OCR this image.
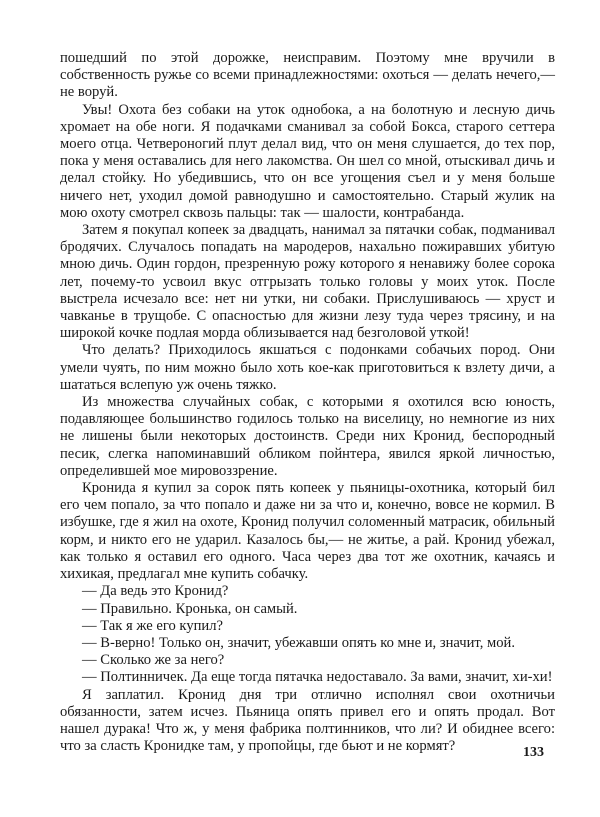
пошедший по этой дорожке, неисправим. Поэтому мне вручили в собственность ружье со всеми принадлежностями: охоться — делать нечего,— не воруй.

Увы! Охота без собаки на уток однобока, а на болотную и лесную дичь хромает на обе ноги. Я подачками сманивал за собой Бокса, старого сеттера моего отца. Четвероногий плут делал вид, что он меня слушается, до тех пор, пока у меня оставались для него лакомства. Он шел со мной, отыскивал дичь и делал стойку. Но убедившись, что он все угощения съел и у меня больше ничего нет, уходил домой равнодушно и самостоятельно. Старый жулик на мою охоту смотрел сквозь пальцы: так — шалости, контрабанда.

Затем я покупал копеек за двадцать, нанимал за пятачки собак, подманивал бродячих. Случалось попадать на мародеров, нахально пожиравших убитую мною дичь. Один гордон, презренную рожу которого я ненавижу более сорока лет, почему-то усвоил вкус отгрызать только головы у моих уток. После выстрела исчезало все: нет ни утки, ни собаки. Прислушиваюсь — хруст и чавканье в трущобе. С опасностью для жизни лезу туда через трясину, и на широкой кочке подлая морда облизывается над безголовой уткой!

Что делать? Приходилось якшаться с подонками собачьих пород. Они умели чуять, по ним можно было хоть кое-как приготовиться к взлету дичи, а шататься вслепую уж очень тяжко.

Из множества случайных собак, с которыми я охотился всю юность, подавляющее большинство годилось только на виселицу, но немногие из них не лишены были некоторых достоинств. Среди них Кронид, беспородный песик, слегка напоминавший обликом пойнтера, явился яркой личностью, определившей мое мировоззрение.

Кронида я купил за сорок пять копеек у пьяницы-охотника, который бил его чем попало, за что попало и даже ни за что и, конечно, вовсе не кормил. В избушке, где я жил на охоте, Кронид получил соломенный матрасик, обильный корм, и никто его не ударил. Казалось бы,— не житье, а рай. Кронид убежал, как только я оставил его одного. Часа через два тот же охотник, качаясь и хихикая, предлагал мне купить собачку.

— Да ведь это Кронид?

— Правильно. Кронька, он самый.

— Так я же его купил?

— В-верно! Только он, значит, убежавши опять ко мне и, значит, мой.

— Сколько же за него?

— Полтинничек. Да еще тогда пятачка недоставало. За вами, значит, хи-хи!

Я заплатил. Кронид дня три отлично исполнял свои охотничьи обязанности, затем исчез. Пьяница опять привел его и опять продал. Вот нашел дурака! Что ж, у меня фабрика полтинников, что ли? И обиднее всего: что за сласть Кронидке там, у пропойцы, где бьют и не кормят?	133
